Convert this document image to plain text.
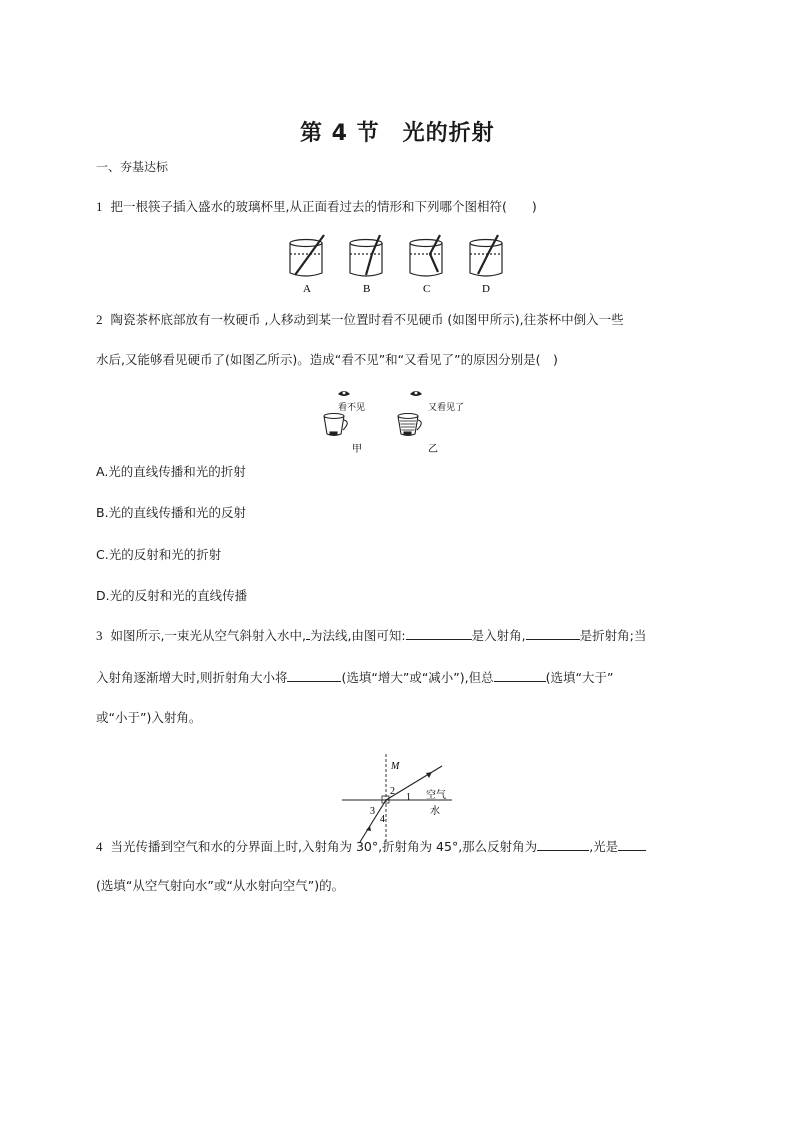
第 4 节　光的折射
一、夯基达标
1 把一根筷子插入盛水的玻璃杯里,从正面看过去的情形和下列哪个图相符(　　)
A	B	C	D
2 陶瓷茶杯底部放有一枚硬币 ,人移动到某一位置时看不见硬币 (如图甲所示),往茶杯中倒入一些
水后,又能够看见硬币了(如图乙所示)。造成“看不见”和“又看见了”的原因分别是(　)
看不见
甲
又看见了
乙
A.光的直线传播和光的折射
B.光的直线传播和光的反射
C.光的反射和光的折射
D.光的反射和光的直线传播
3 如图所示,一束光从空气斜射入水中, 为法线,由图可知:	是入射角,	是折射角;当
入射角逐渐增大时,则折射角大小将	(选填“增大”或“减小”),但总	(选填“大于”
或“小于”)入射角。
M
2
1
3
4
空气
水
4 当光传播到空气和水的分界面上时,入射角为 30°,折射角为 45°,那么反射角为	,光是
(选填“从空气射向水”或“从水射向空气”)的。
